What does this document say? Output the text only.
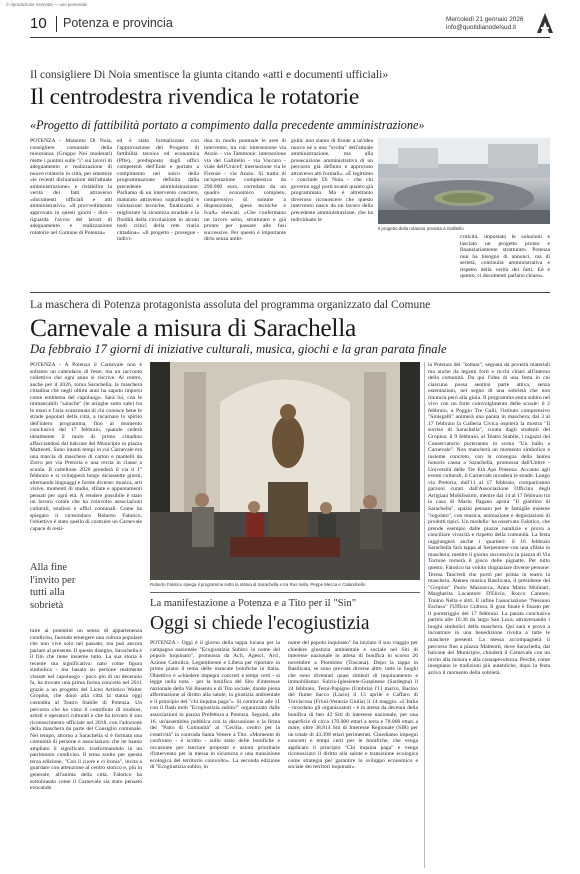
© riproduzione riservata — uso personale
10 Potenza e provincia	Mercoledì 21 gennaio 2026
info@quotidianodelsud.it
Il consigliere Di Noia smentisce la giunta citando «atti e documenti ufficiali»
Il centrodestra rivendica le rotatorie
«Progetto di fattibilità portato a compimento dalla precedente amministrazione»
POTENZA - Massimo Di Noia, consigliere comunale della minoranza (Gruppo Noi moderati) mette i puntini sulle "i" sui lavori di adeguamento e realizzazione di nuove rotatorie in città, per smentire «le recenti dichiarazioni dell'attuale amministrazione» e ristabilire la verità dei fatti attraverso «documenti ufficiali e atti amministrativi». «Il provvedimento approvato in questi giorni - dice - riguarda l'avvio dei lavori di adeguamento e realizzazione rotatorie nel Comune di Potenza»
ed è stato formalizzato con l'approvazione del Progetto di fattibilità tecnica ed economica (Pfte), predisposto dagli uffici competenti dell'Ente e portato a compimento nel solco della programmazione definita dalla precedente amministrazione. Parliamo di un intervento concreto, maturato attraverso sopralluoghi e valutazioni tecniche, finalizzato a migliorare la sicurezza stradale e la fluidità della circolazione in alcuni nodi critici della rete viaria cittadina». «Il progetto - prosegue - indivi-
dua in modo puntuale le aree di intervento, tra cui: intersezione via Anzio - via Tammone; intersezione via del Gallitello - via Vaccaro - viale dell'Unicef; intersezione via le Firenze - via Anzio. Si tratta di un'operazione complessiva da 290.000 euro, corredata da un quadro economico completo, comprensivo di somme a disposizione, spese tecniche e IvaA» elencati. «Che confermano un lavoro serio, strutturato e già pronto per passare alle fasi successive. Per questo è importante dirlo senza ambi-
guità: non siamo di fronte a un'idea nuova né a una "svolta" dell'attuale amministrazione, ma alla prosecuzione amministrativa di un percorso già definito e approvato attraverso atti formali». «È legittimo - conclude Di Noia - che chi governa oggi porti avanti quanto già programmato. Ma è altrettanto doveroso riconoscere che questo intervento nasce da un lavoro della precedente amministrazione, che ha individuato le
Il progetto della rotatoria prevista a Gallitello
criticità, impostato le soluzioni e lasciato un progetto pronto e finanziariamente strutturato. Potenza non ha bisogno di annunci, ma di serietà, continuità amministrativa e rispetto della verità dei fatti. Ed è questo, ci documenti parlano chiaro».
La maschera di Potenza protagonista assoluta del programma organizzato dal Comune
Carnevale a misura di Sarachella
Da febbraio 17 giorni di iniziative culturali, musica, giochi e la gran parata finale
POTENZA - A Potenza il Carnevale non è soltanto un calendario di feste, ma un racconto collettivo che ogni anno si riscrive. Al centro, anche per il 2026, torna Sarachella, la maschera cittadina che negli ultimi anni ha saputo imporsi come emblema del capoluogo. Sarà lui, con le immancabili "sarache" (le aringhe sotto sale) tra le mani e l'aria scanzonata di chi conosce bene le strade popolari della città, a incarnare lo spirito dell'intero programma, fino al momento conclusivo del 17 febbraio, quando cederà idealmente il ruolo di primo cittadino affacciandosi dal balcone del Municipio in piazza Matteotti. Sono intanti tempi in cui Carnevale era una marcia di maschere di carton e mantelli da Zorro per via Pretoria e una recita in classe a scuola. Il cartellone 2026 prenderà il via il 1° febbraio e si svilupperà lungo diciassette giorni, alternando linguaggi e forme diverse: musica, arti visive, momenti di studio, sfilate e appuntamenti pensati per ogni età. A rendere possibile è stato un lavoro corale che ha coinvolto associazioni culturali, studiosi e uffici comunali. Come ha spiegato il vicesindaco Roberto Falotico, l'obiettivo è stato quello di costruire un Carnevale capace di resti-
Alla fine l'invito per tutti alla sobrietà
tuire ai potentini un senso di appartenenza condiviso, facendo emergere una cultura popolare che non vive solo nel passato, ma può ancora parlare al presente. Il questo disegno, Sarachella è il filo che tiene insieme tutto. La sua storia è recente ma significativa: nato come figura simbolica - ma basata su persone realmente vissute nel capoluogo - poco più di un decennio fa, ha trovato una prima forma concreta nel 2011 grazie a un progetto del Liceo Artistico Walter Gropius, che donò alla città la statua oggi custodita al Teatro Stabile di Potenza. Un percorso che ha visto il contributo di studiosi, artisti e operatori culturali e che ha trovato il suo riconoscimento ufficiale nel 2018, con l'adozione della maschera da parte del Consiglio comunale. Nel tempo, attorno a Sarachella si è formata una comunità di persone e associazioni che ne hanno ampliato il significato, trasformandolo in un patrimonio condiviso. Il tema scelto per questa terza edizione, "Con il cuore e ci ironia", invita a guardare con attenzione al centro storico e, più in generale, all'anima della città. Falotico ha sottolineato come il Carnevale sia stato pensato evocando
Roberto Falotico spiega il programma sotto la statua di Sarachella e tra Rus nella, Peppe Mecca e Calandriello
la Potenza dei "sottani", segnata da povertà materiali ma anche da legami forti e ricchi chiari all'interno della comunità. Da qui l'idea di una festa in cui ciascuno possa sentirsi parte attiva, senza ostentazioni, nel segno di una sobrietà che non rinuncia però alla gioia. Il programma entra subito nel vivo con un forte coinvolgimento delle scuole: il 2 febbraio, a Poggio Tre Galli, l'istituto comprensivo "Sinisgalli" animerà una parata in maschera; dal 3 al 17 febbraio la Galleria Civica ospiterà la mostra "Il sorriso di Sarachella", curata dagli studenti del Gropius; il 9 febbraio, al Teatro Stabile, i ragazzi del Conservatorio porteranno in scena "Un ballo a Carnevale". Non mancherà un momento simbolico e insieme concreto, con la consegna della laurea honoris causa a Sarachella, promossa dall'Unitre - Università delle Tre Età Aps Potenza. Accanto agli eventi culturali, il Carnevale invaderà le strade. Lungo via Pretoria, dall'11 al 17 febbraio, compariranno garzoni curati dall'Associazione Officina degli Artigiani Mobilissimi, mentre dal 14 al 17 febbraio tra la casa di Mario Pagano aprirà "Il giardino di Sarachella", spazio pensato per le famiglie insieme "regolato", con musica, animazione e degustazioni di prodotti tipici. Un modello: ha osservato Falotico, che prende esempio dalle piazze natalizie e prova a conciliare vivacità e rispetto della comunità. La festa raggiungerà anche i quartieri: il 16 febbraio Sarachella farà tappa al Serpentone con una sfilata in maschera, mentre il giorno successivo in piazza di Via Torrone tornerà il gioco delle pignatte. Per tutto questo, Falotico ha voluto ringraziare diverse persone: Teresa Tancredi che portò per prima in teatro la maschera, Ateneo musica Basilicata, il presidente del "Gropius" Paolo Mazzocca, Anna Maria Molinari, Margherita Locantore D'Elicio, Rocco Cantore, Tonino Nella e altri. E infine l'associazione "Nessuno Escluso" l'Ufficio Cultura. Il gran finale è fissato per il pomeriggio del 17 febbraio. La parata conclusiva partirà alle 16:30 da largo San Luca, attraversando i luoghi simbolici della maschera. Qui sarà e prova a incontrare in una benedizione rivolta a tutte le maschere presenti. La messa accompagnerà il percorso fino a piazza Matteotti, dove Sarachella, dal balcone del Municipio, chiuderà il Carnevale con un invito alla misura e alla consapevolezza. Perché, come insegnano le tradizioni più autentiche, dopo la festa arriva il momento della sobrietà.
La manifestazione a Potenza e a Tito per il "Sin"
Oggi si chiede l'ecogiustizia
POTENZA - Oggi è il giorno della tappa lucana per la campagna nazionale "Ecogiustizia Subito: in nome del popolo inquinato", promossa da Acli, Agesci, Arci, Azione Cattolica, Legambiente e Libera per riportare in primo piano il tema delle mancate bonifiche in Italia. Obiettivo è «chiedere impegni concreti e tempi certi - si legge nella nota - per la bonifica del Sito d'interesse nazionale della Val Basento e di Tito sociale, dando piena affermazione al diritto alla salute, la giustizia ambientale e il principio del "chi inquina paga"». Si comincia alle 11 con il flash mob "Ecogiustizia subito!" organizzato dalle associazioni in piazza Prefettura a Potenza. Seguirà, alle 16, un'assemblea pubblica con la discussione e la firma del "Patto di Comunità" al "Cecilia, centro per la creatività" in contrada Santa Venere a Tito. «Momento di confronto - è scritto - sullo stato delle bonifiche e occasione per lanciare proposte e azioni prioritarie d'intervento per la messa in sicurezza e una transizione ecologica del territorio coinvolto». La seconda edizione di "Ecogiustizia subito, in
nome del popolo inquinato" ha iniziato il suo viaggio per chiedere giustizia ambientale e sociale nei Siti di interesse nazionale in attesa di bonifica lo scorso 26 novembre a Piombino (Toscana). Dopo la tappa in Basilicata, se sono previste diverse altre, tutte in luoghi che sono diventati quasi simboli di inquinamento e immobilismo: Sulcis-Iglesiente-Guspinese (Sardegna) il 24 febbraio, Terni-Papigno (Umbria) l'11 marzo, Bacino del fiume Sacco (Lazio) il 15 aprile e Caffaro di Torviscosa (Friuli-Venezia Giulia) il 14 maggio. «L'Italia - ricordano gli organizzatori - è in attesa da decenni della bonifica di ben 42 Siti di interesse nazionale, per una superficie di circa 170.000 ettari a terra e 78.000 ettari a mare, oltre 38.814 Siti di Interesse Regionale (SIR) per un totale di 43.398 ettari perimetrati. Chiediamo impegni concreti e tempi certi per le bonifiche, che venga applicato il principio "Chi inquina paga" e venga riconosciuto il diritto alla salute e transizione ecologica come strategia per garantire lo sviluppo economico e sociale dei territori inquinati».
